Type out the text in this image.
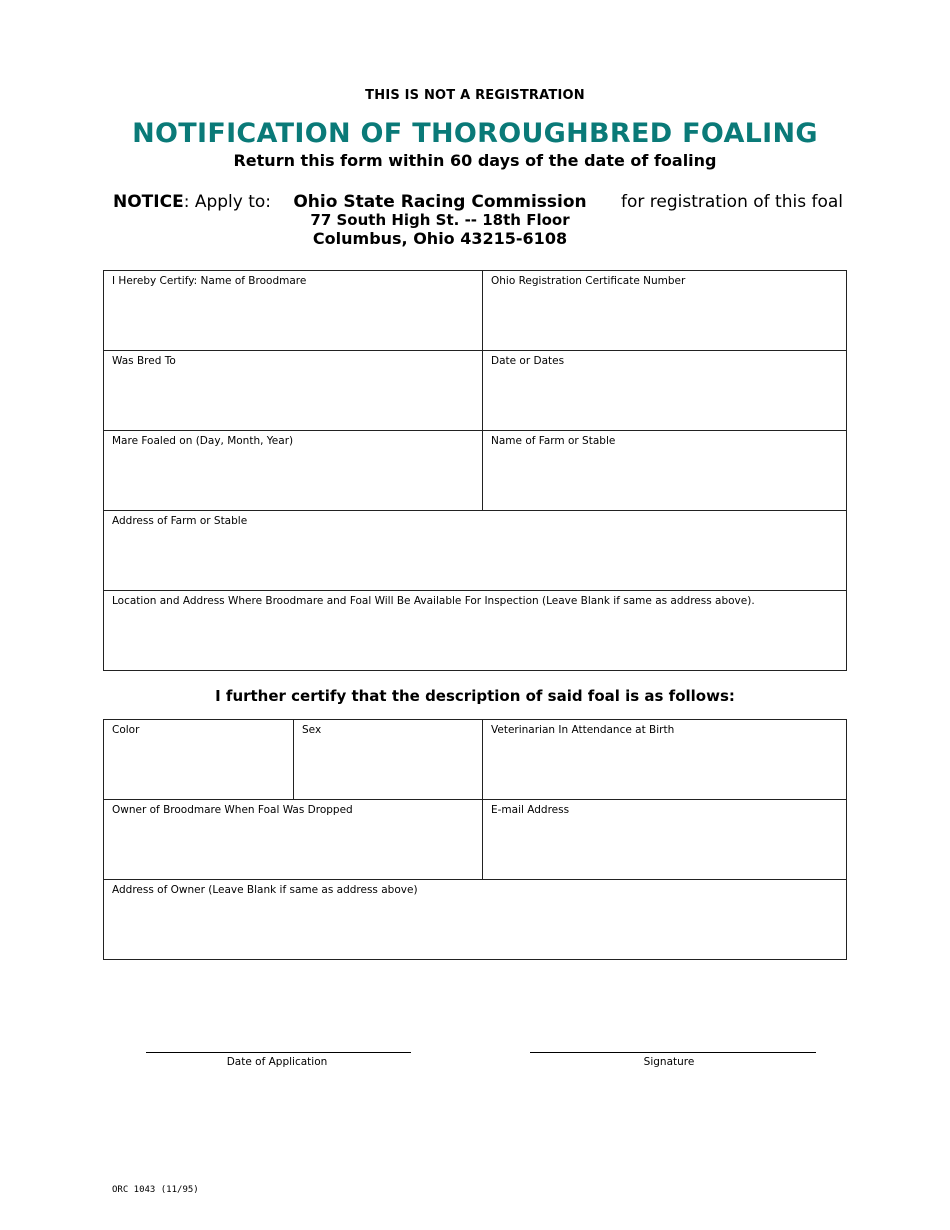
THIS IS NOT A REGISTRATION
NOTIFICATION OF THOROUGHBRED FOALING
Return this form within 60 days of the date of foaling
NOTICE: Apply to:	Ohio State Racing Commission
77 South High St. -- 18th Floor
Columbus, Ohio 43215-6108
for registration of this foal
I Hereby Certify: Name of Broodmare	Ohio Registration Certificate Number
Was Bred To	Date or Dates
Mare Foaled on (Day, Month, Year)	Name of Farm or Stable
Address of Farm or Stable	
Location and Address Where Broodmare and Foal Will Be Available For Inspection (Leave Blank if same as address above).	
I further certify that the description of said foal is as follows:
Color	Sex	Veterinarian In Attendance at Birth
Owner of Broodmare When Foal Was Dropped		E-mail Address
Address of Owner (Leave Blank if same as address above)		
Date of Application	Signature
ORC 1043 (11/95)
